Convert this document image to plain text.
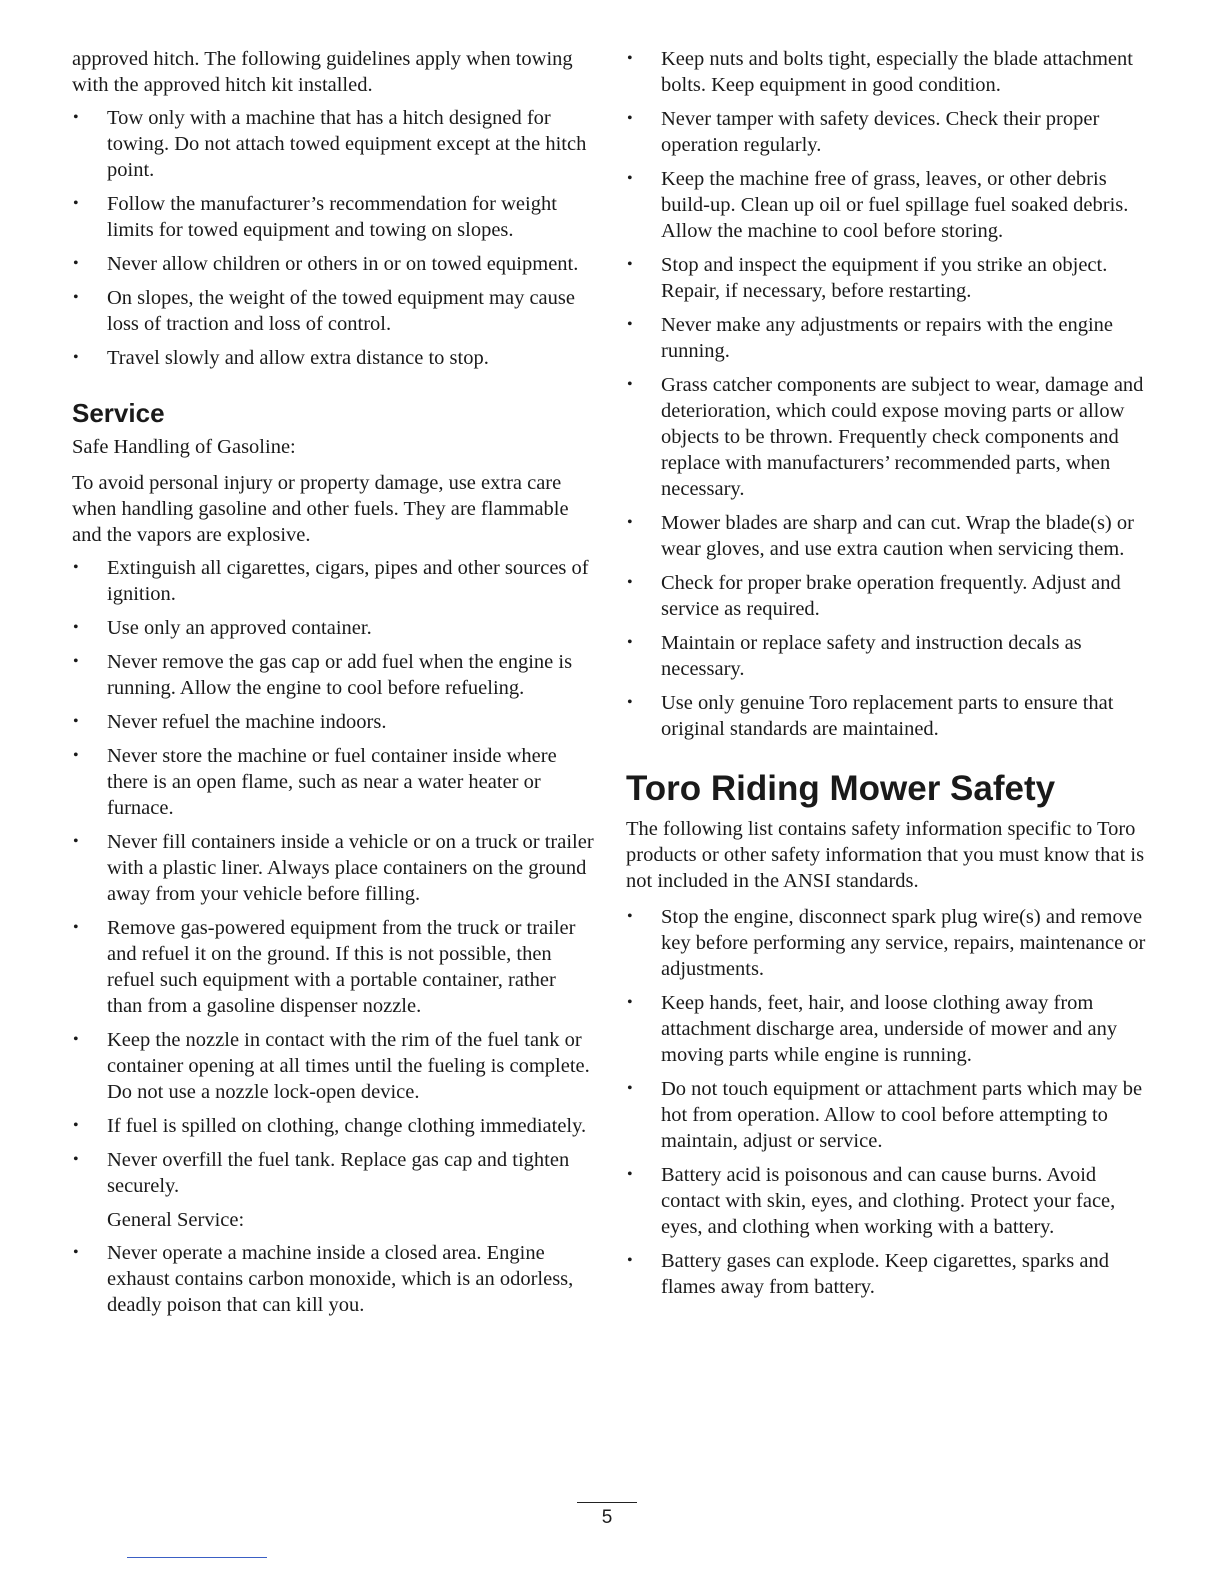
approved hitch. The following guidelines apply when towing with the approved hitch kit installed.

• Tow only with a machine that has a hitch designed for towing. Do not attach towed equipment except at the hitch point.
• Follow the manufacturer’s recommendation for weight limits for towed equipment and towing on slopes.
• Never allow children or others in or on towed equipment.
• On slopes, the weight of the towed equipment may cause loss of traction and loss of control.
• Travel slowly and allow extra distance to stop.
Service

Safe Handling of Gasoline:

To avoid personal injury or property damage, use extra care when handling gasoline and other fuels. They are flammable and the vapors are explosive.

• Extinguish all cigarettes, cigars, pipes and other sources of ignition.
• Use only an approved container.
• Never remove the gas cap or add fuel when the engine is running. Allow the engine to cool before refueling.
• Never refuel the machine indoors.
• Never store the machine or fuel container inside where there is an open flame, such as near a water heater or furnace.
• Never fill containers inside a vehicle or on a truck or trailer with a plastic liner. Always place containers on the ground away from your vehicle before filling.
• Remove gas-powered equipment from the truck or trailer and refuel it on the ground. If this is not possible, then refuel such equipment with a portable container, rather than from a gasoline dispenser nozzle.
• Keep the nozzle in contact with the rim of the fuel tank or container opening at all times until the fueling is complete. Do not use a nozzle lock-open device.
• If fuel is spilled on clothing, change clothing immediately.
• Never overfill the fuel tank. Replace gas cap and tighten securely.

General Service:

• Never operate a machine inside a closed area. Engine exhaust contains carbon monoxide, which is an odorless, deadly poison that can kill you.
• Keep nuts and bolts tight, especially the blade attachment bolts. Keep equipment in good condition.
• Never tamper with safety devices. Check their proper operation regularly.
• Keep the machine free of grass, leaves, or other debris build-up. Clean up oil or fuel spillage fuel soaked debris. Allow the machine to cool before storing.
• Stop and inspect the equipment if you strike an object. Repair, if necessary, before restarting.
• Never make any adjustments or repairs with the engine running.
• Grass catcher components are subject to wear, damage and deterioration, which could expose moving parts or allow objects to be thrown. Frequently check components and replace with manufacturers’ recommended parts, when necessary.
• Mower blades are sharp and can cut. Wrap the blade(s) or wear gloves, and use extra caution when servicing them.
• Check for proper brake operation frequently. Adjust and service as required.
• Maintain or replace safety and instruction decals as necessary.
• Use only genuine Toro replacement parts to ensure that original standards are maintained.
Toro Riding Mower Safety

The following list contains safety information specific to Toro products or other safety information that you must know that is not included in the ANSI standards.

• Stop the engine, disconnect spark plug wire(s) and remove key before performing any service, repairs, maintenance or adjustments.
• Keep hands, feet, hair, and loose clothing away from attachment discharge area, underside of mower and any moving parts while engine is running.
• Do not touch equipment or attachment parts which may be hot from operation. Allow to cool before attempting to maintain, adjust or service.
• Battery acid is poisonous and can cause burns. Avoid contact with skin, eyes, and clothing. Protect your face, eyes, and clothing when working with a battery.
• Battery gases can explode. Keep cigarettes, sparks and flames away from battery.
5
